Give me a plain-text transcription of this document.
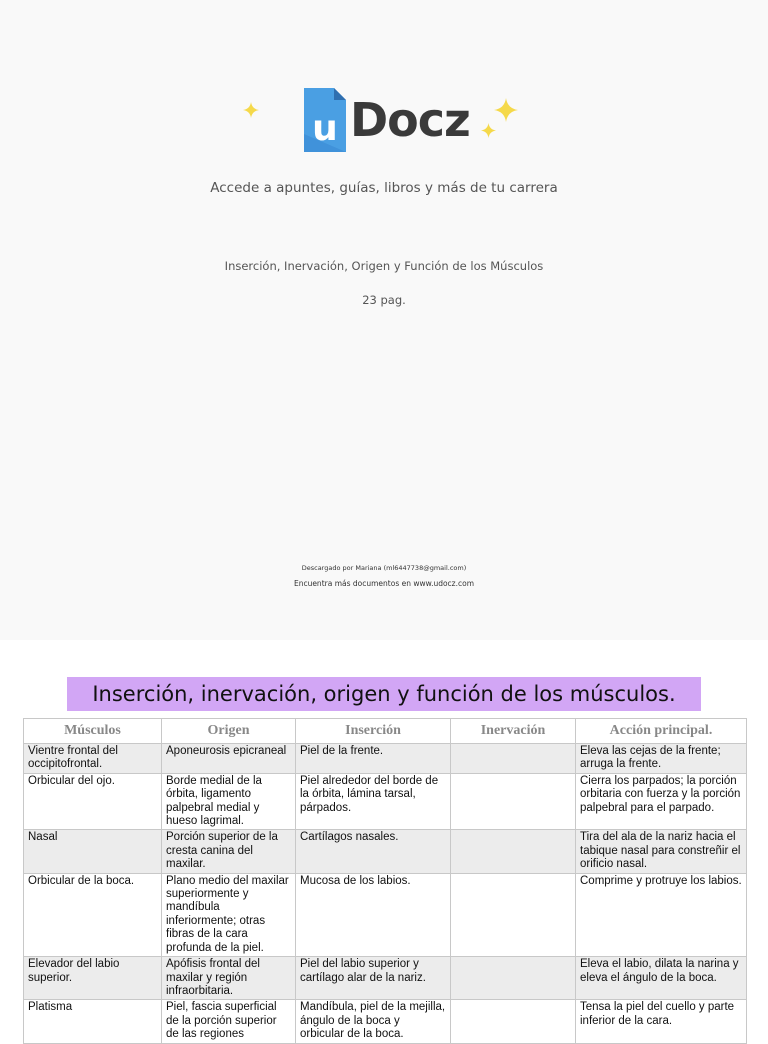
u Docz
Accede a apuntes, guías, libros y más de tu carrera
Inserción, Inervación, Origen y Función de los Músculos
23 pag.
Descargado por Mariana (ml6447738@gmail.com)
Encuentra más documentos en www.udocz.com
Inserción, inervación, origen y función de los músculos.
Músculos	Origen	Inserción	Inervación	Acción principal.
Vientre frontal del occipitofrontal.	Aponeurosis epicraneal	Piel de la frente.		Eleva las cejas de la frente; arruga la frente.
Orbicular del ojo.	Borde medial de la órbita, ligamento palpebral medial y hueso lagrimal.	Piel alrededor del borde de la órbita, lámina tarsal, párpados.		Cierra los parpados; la porción orbitaria con fuerza y la porción palpebral para el parpado.
Nasal	Porción superior de la cresta canina del maxilar.	Cartílagos nasales.		Tira del ala de la nariz hacia el tabique nasal para constreñir el orificio nasal.
Orbicular de la boca.	Plano medio del maxilar superiormente y mandíbula inferiormente; otras fibras de la cara profunda de la piel.	Mucosa de los labios.		Comprime y protruye los labios.
Elevador del labio superior.	Apófisis frontal del maxilar y región infraorbitaria.	Piel del labio superior y cartílago alar de la nariz.		Eleva el labio, dilata la narina y eleva el ángulo de la boca.
Platisma	Piel, fascia superficial de la porción superior de las regiones	Mandíbula, piel de la mejilla, ángulo de la boca y orbicular de la boca.		Tensa la piel del cuello y parte inferior de la cara.
